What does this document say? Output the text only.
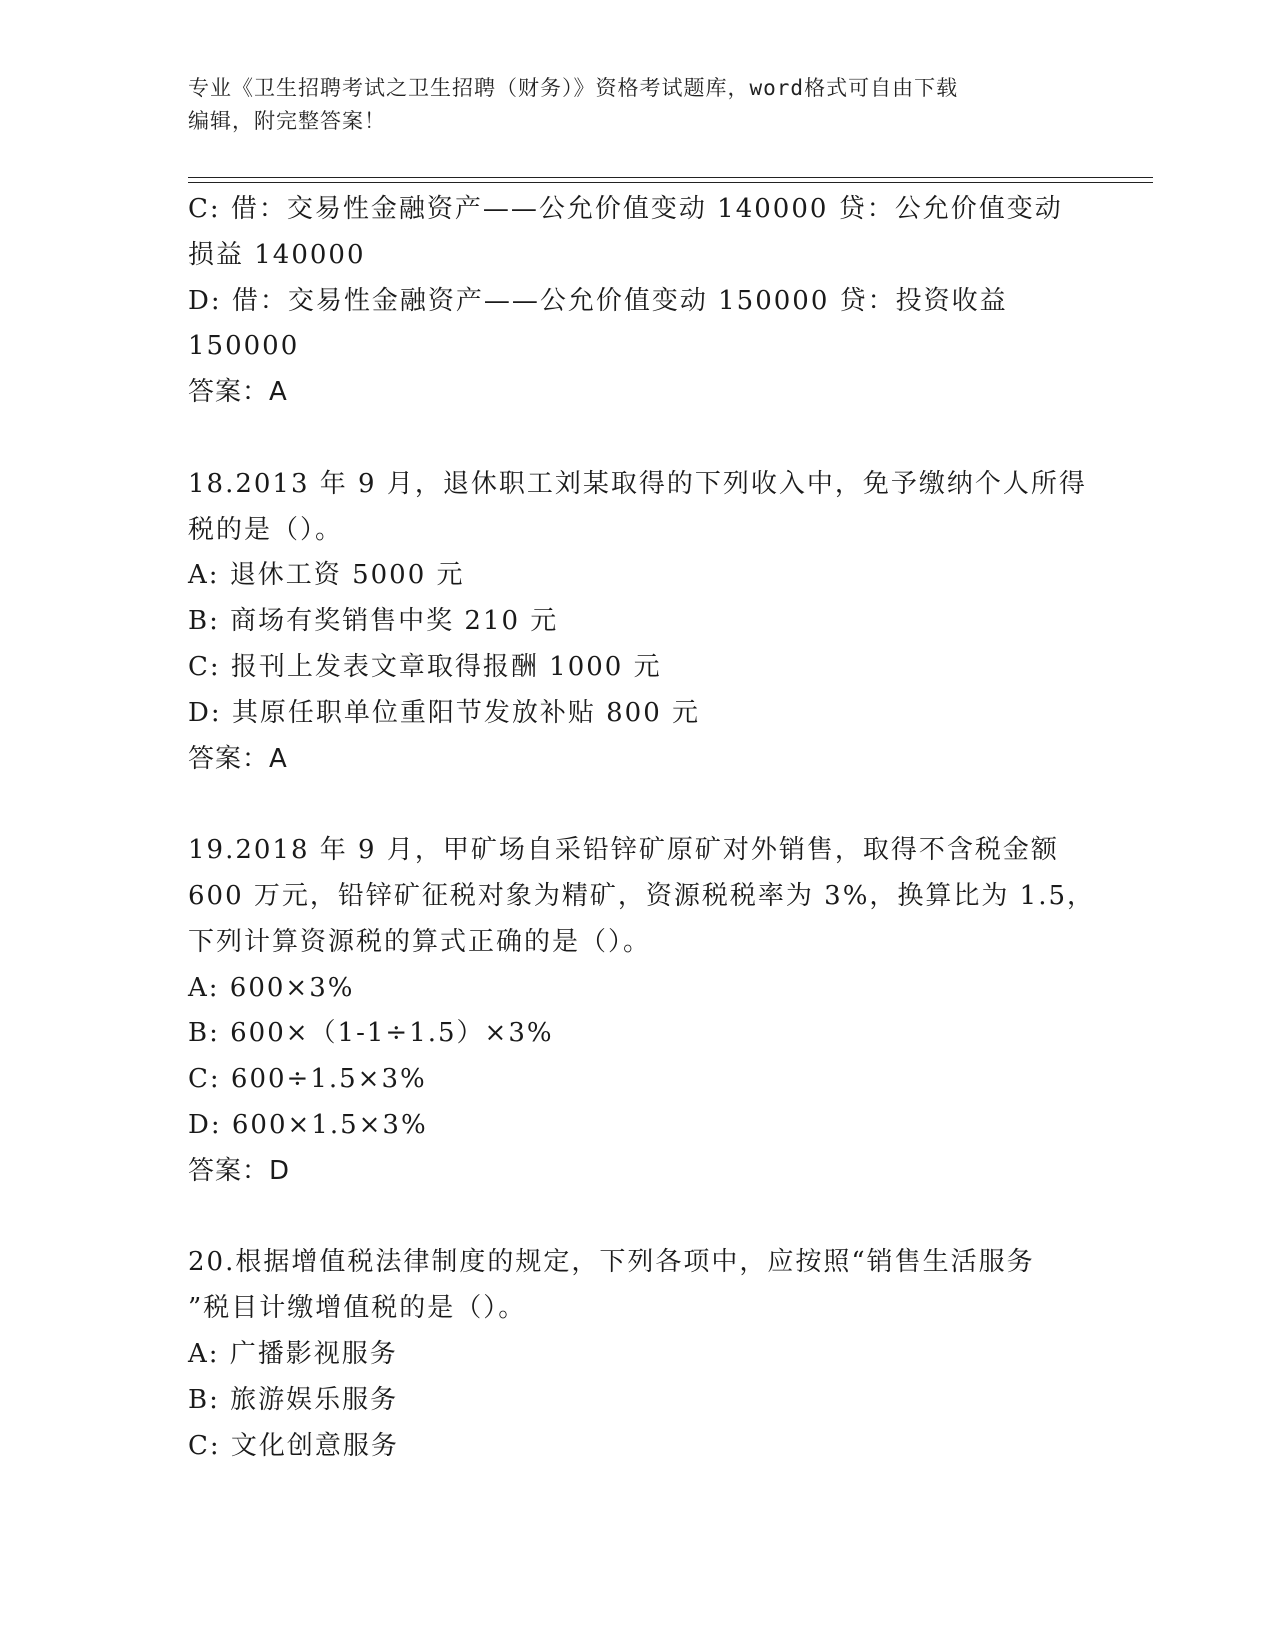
专业《卫生招聘考试之卫生招聘（财务）》资格考试题库，word格式可自由下载
编辑，附完整答案！
C: 借：交易性金融资产——公允价值变动 140000 贷：公允价值变动
损益 140000
D: 借：交易性金融资产——公允价值变动 150000 贷：投资收益
150000
答案：A
18.2013 年 9 月，退休职工刘某取得的下列收入中，免予缴纳个人所得
税的是（）。
A: 退休工资 5000 元
B: 商场有奖销售中奖 210 元
C: 报刊上发表文章取得报酬 1000 元
D: 其原任职单位重阳节发放补贴 800 元
答案：A
19.2018 年 9 月，甲矿场自采铅锌矿原矿对外销售，取得不含税金额
600 万元，铅锌矿征税对象为精矿，资源税税率为 3%，换算比为 1.5，
下列计算资源税的算式正确的是（）。
A: 600×3%
B: 600×（1-1÷1.5）×3%
C: 600÷1.5×3%
D: 600×1.5×3%
答案：D
20.根据增值税法律制度的规定，下列各项中，应按照“销售生活服务
”税目计缴增值税的是（）。
A: 广播影视服务
B: 旅游娱乐服务
C: 文化创意服务
